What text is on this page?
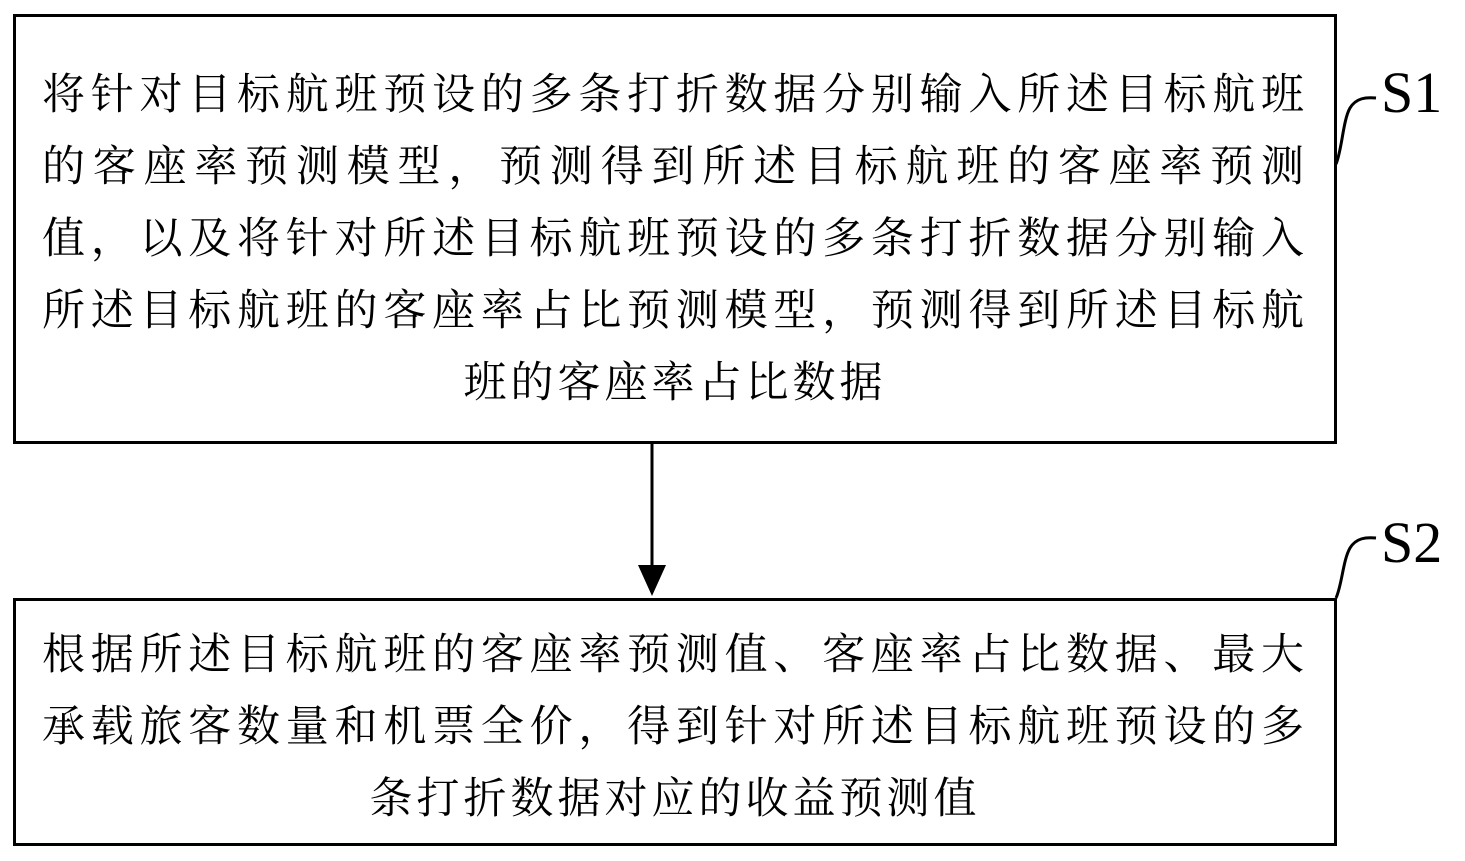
将针对目标航班预设的多条打折数据分别输入所述目标航班的客座率预测模型，预测得到所述目标航班的客座率预测值，以及将针对所述目标航班预设的多条打折数据分别输入所述目标航班的客座率占比预测模型，预测得到所述目标航班的客座率占比数据
根据所述目标航班的客座率预测值、客座率占比数据、最大承载旅客数量和机票全价，得到针对所述目标航班预设的多条打折数据对应的收益预测值
S1
S2
